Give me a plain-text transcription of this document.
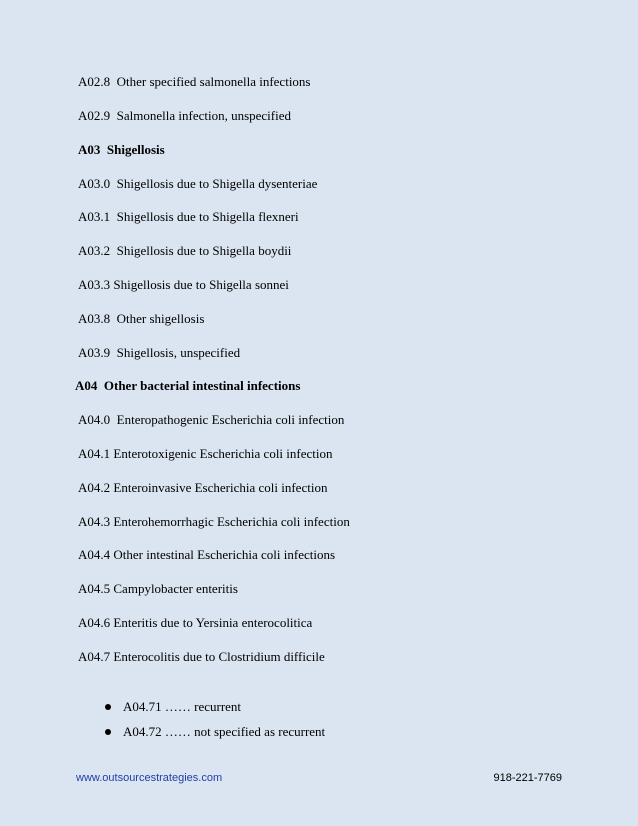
A02.8  Other specified salmonella infections
A02.9  Salmonella infection, unspecified
A03  Shigellosis
A03.0  Shigellosis due to Shigella dysenteriae
A03.1  Shigellosis due to Shigella flexneri
A03.2  Shigellosis due to Shigella boydii
A03.3 Shigellosis due to Shigella sonnei
A03.8  Other shigellosis
A03.9  Shigellosis, unspecified
A04  Other bacterial intestinal infections
A04.0  Enteropathogenic Escherichia coli infection
A04.1 Enterotoxigenic Escherichia coli infection
A04.2 Enteroinvasive Escherichia coli infection
A04.3 Enterohemorrhagic Escherichia coli infection
A04.4 Other intestinal Escherichia coli infections
A04.5 Campylobacter enteritis
A04.6 Enteritis due to Yersinia enterocolitica
A04.7 Enterocolitis due to Clostridium difficile

A04.71 …… recurrent

A04.72 …… not specified as recurrent

www.outsourcestrategies.com	918-221-7769
